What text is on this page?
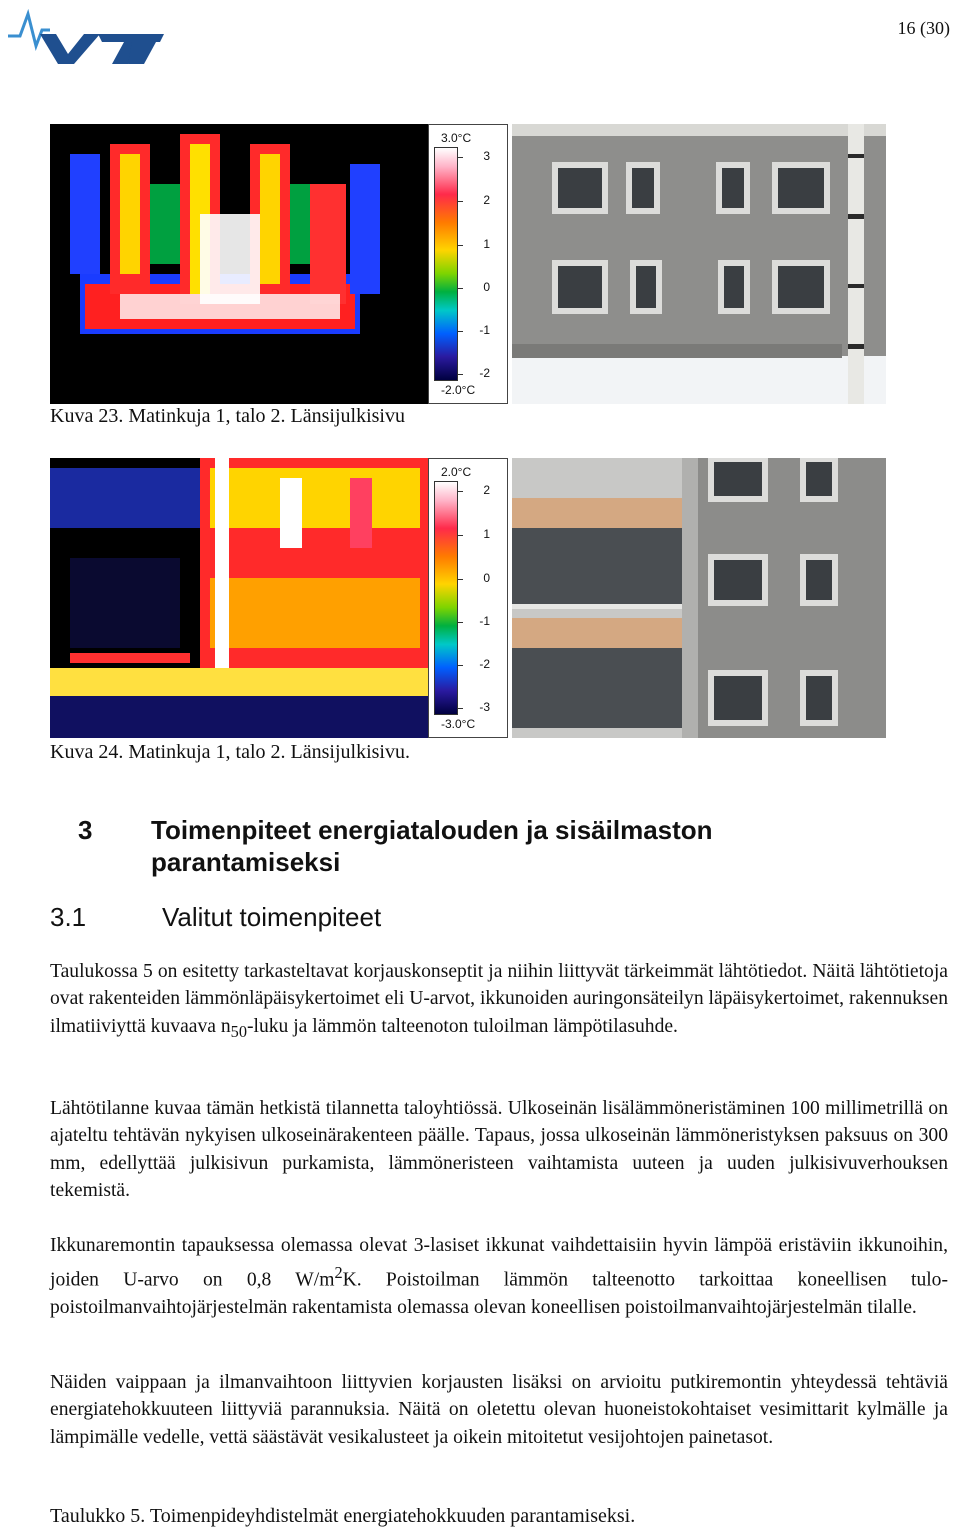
16 (30)
3.0°C
3
2
1
0
-1
-2
-2.0°C
Kuva 23. Matinkuja 1, talo 2. Länsijulkisivu
2.0°C
2
1
0
-1
-2
-3
-3.0°C
Kuva 24. Matinkuja 1, talo 2. Länsijulkisivu.
3 Toimenpiteet energiatalouden ja sisäilmaston parantamiseksi
3.1	Valitut toimenpiteet
Taulukossa 5 on esitetty tarkasteltavat korjauskonseptit ja niihin liittyvät tärkeimmät lähtötiedot. Näitä lähtötietoja ovat rakenteiden lämmönläpäisykertoimet eli U-arvot, ikkunoiden auringonsäteilyn läpäisykertoimet, rakennuksen ilmatiiviyttä kuvaava $n_{50}$-luku ja lämmön talteenoton tuloilman lämpötilasuhde.
Lähtötilanne kuvaa tämän hetkistä tilannetta taloyhtiössä. Ulkoseinän lisälämmöneristäminen 100 millimetrillä on ajateltu tehtävän nykyisen ulkoseinärakenteen päälle. Tapaus, jossa ulkoseinän lämmöneristyksen paksuus on 300 mm, edellyttää julkisivun purkamista, lämmöneristeen vaihtamista uuteen ja uuden julkisivuverhouksen tekemistä.
Ikkunaremontin tapauksessa olemassa olevat 3-lasiset ikkunat vaihdettaisiin hyvin lämpöä eristäviin ikkunoihin, joiden U-arvo on 0,8 $W/m^2K$. Poistoilman lämmön talteenotto tarkoittaa koneellisen tulo-poistoilmanvaihtojärjestelmän rakentamista olemassa olevan koneellisen poistoilmanvaihtojärjestelmän tilalle.
Näiden vaippaan ja ilmanvaihtoon liittyvien korjausten lisäksi on arvioitu putkiremontin yhteydessä tehtäviä energiatehokkuuteen liittyviä parannuksia. Näitä on oletettu olevan huoneistokohtaiset vesimittarit kylmälle ja lämpimälle vedelle, vettä säästävät vesikalusteet ja oikein mitoitetut vesijohtojen painetasot.
Taulukko 5. Toimenpideyhdistelmät energiatehokkuuden parantamiseksi.
